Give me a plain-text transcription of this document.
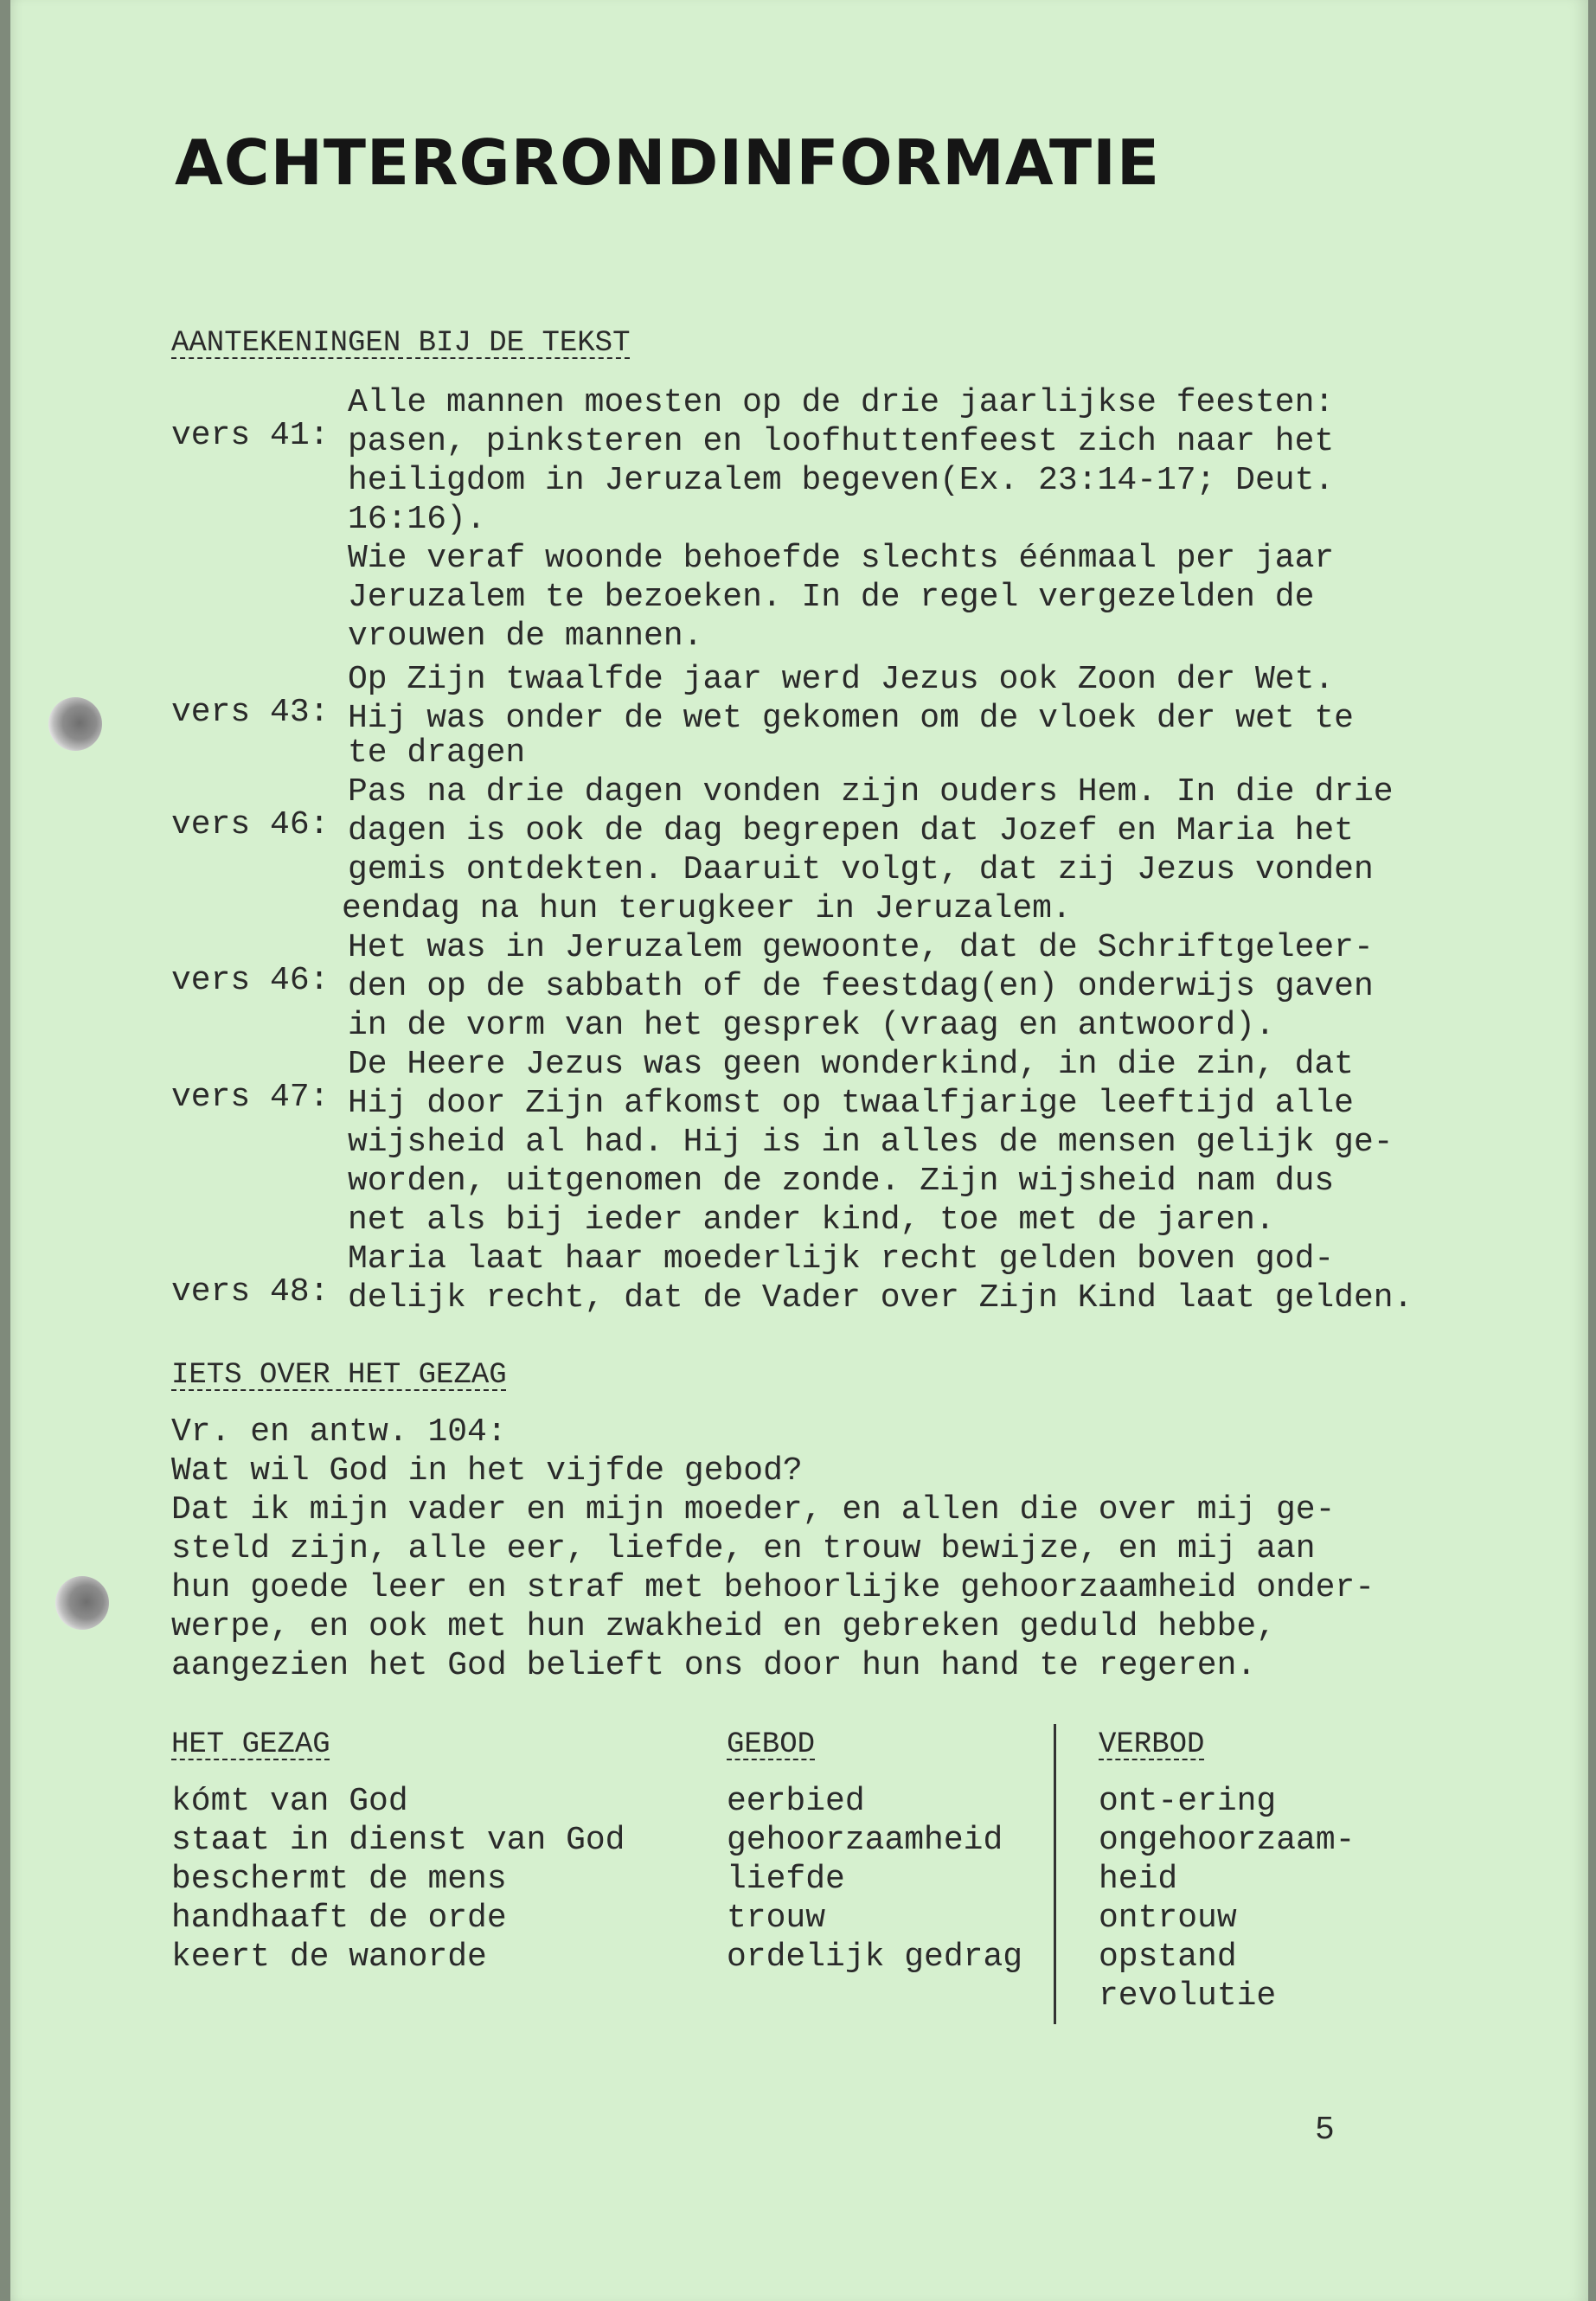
ACHTERGRONDINFORMATIE

AANTEKENINGEN BIJ DE TEKST

vers 41:

Alle mannen moesten op de drie jaarlijkse feesten:

pasen, pinksteren en loofhuttenfeest zich naar het

heiligdom in Jeruzalem begeven(Ex. 23:14-17; Deut.

16:16).

Wie veraf woonde behoefde slechts éénmaal per jaar

Jeruzalem te bezoeken. In de regel vergezelden de

vrouwen de mannen.

vers 43:

Op Zijn twaalfde jaar werd Jezus ook Zoon der Wet.

Hij was onder de wet gekomen om de vloek der wet te

te dragen

vers 46:

Pas na drie dagen vonden zijn ouders Hem. In die drie

dagen is ook de dag begrepen dat Jozef en Maria het

gemis ontdekten. Daaruit volgt, dat zij Jezus vonden

eendag na hun terugkeer in Jeruzalem.

vers 46:

Het was in Jeruzalem gewoonte, dat de Schriftgeleer-

den op de sabbath of de feestdag(en) onderwijs gaven

in de vorm van het gesprek (vraag en antwoord).

vers 47:

De Heere Jezus was geen wonderkind, in die zin, dat

Hij door Zijn afkomst op twaalfjarige leeftijd alle

wijsheid al had. Hij is in alles de mensen gelijk ge-

worden, uitgenomen de zonde. Zijn wijsheid nam dus

net als bij ieder ander kind, toe met de jaren.

vers 48:

Maria laat haar moederlijk recht gelden boven god-

delijk recht, dat de Vader over Zijn Kind laat gelden.

IETS OVER HET GEZAG

Vr. en antw. 104:

Wat wil God in het vijfde gebod?

Dat ik mijn vader en mijn moeder, en allen die over mij ge-

steld zijn, alle eer, liefde, en trouw bewijze, en mij aan

hun goede leer en straf met behoorlijke gehoorzaamheid onder-

werpe, en ook met hun zwakheid en gebreken geduld hebbe,

aangezien het God belieft ons door hun hand te regeren.

HET GEZAG

kómt van God

staat in dienst van God

beschermt de mens

handhaaft de orde

keert de wanorde

GEBOD

eerbied

gehoorzaamheid

liefde

trouw

ordelijk gedrag

VERBOD

ont-ering

ongehoorzaam-

heid

ontrouw

opstand

revolutie

5
